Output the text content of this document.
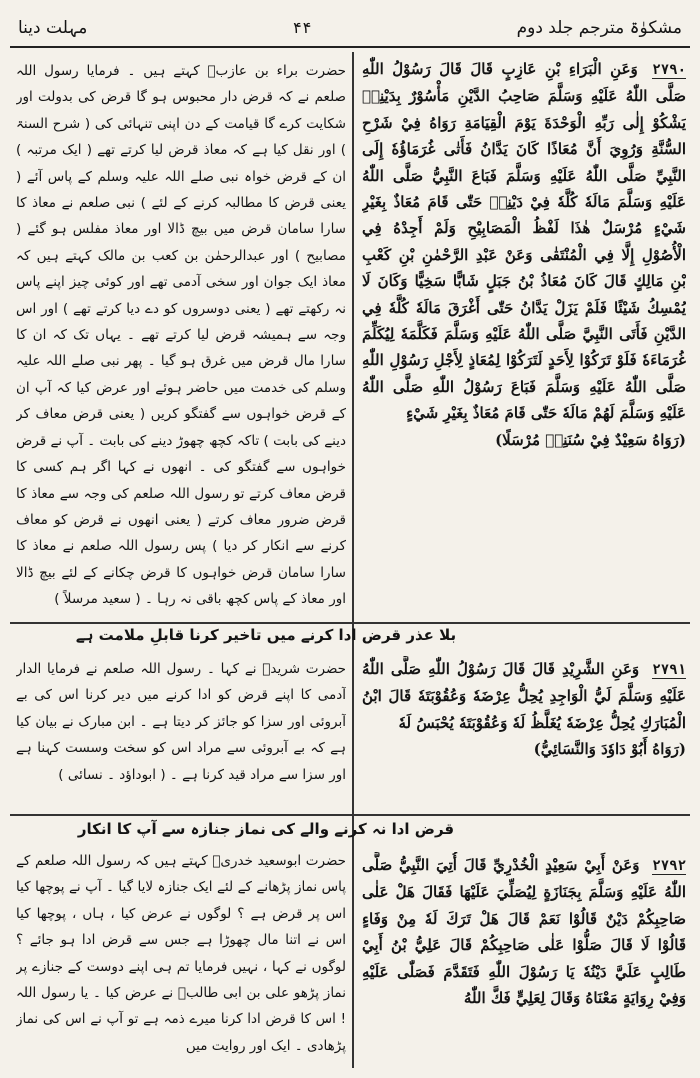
مشکوٰۃ مترجم جلد دوم
۴۴
مہلت دینا
۲۷۹۰ وَعَنِ الْبَرَاءِ بْنِ عَازِبٍ قَالَ قَالَ رَسُوْلُ اللّٰهِ صَلَّى اللّٰهُ عَلَيْهِ وَسَلَّمَ صَاحِبُ الدَّيْنِ مَأْسُوْرٌ بِدَيْنِهٖ يَشْكُوْ إِلٰى رَبِّهِ الْوَحْدَةَ يَوْمَ الْقِيَامَةِ رَوَاهُ فِيْ شَرْحِ السُّنَّةِ وَرُوِيَ أَنَّ مُعَاذًا كَانَ يَدَّانُ فَأَتٰى غُرَمَاؤُهٗ إِلَى النَّبِيِّ صَلَّى اللّٰهُ عَلَيْهِ وَسَلَّمَ فَبَاعَ النَّبِيُّ صَلَّى اللّٰهُ عَلَيْهِ وَسَلَّمَ مَالَهٗ كُلَّهٗ فِيْ دَيْنِهٖ حَتّٰى قَامَ مُعَاذٌ بِغَيْرِ شَيْءٍ مُرْسَلٌ هٰذَا لَفْظُ الْمَصَابِيْحِ وَلَمْ أَجِدْهُ فِي الْأُصُوْلِ إِلَّا فِي الْمُنْتَقٰى وَعَنْ عَبْدِ الرَّحْمٰنِ بْنِ كَعْبِ بْنِ مَالِكٍ قَالَ كَانَ مُعَاذُ بْنُ جَبَلٍ شَابًّا سَخِيًّا وَكَانَ لَا يُمْسِكُ شَيْئًا فَلَمْ يَزَلْ يَدَّانُ حَتّٰى أَغْرَقَ مَالَهٗ كُلَّهٗ فِي الدَّيْنِ فَأَتَى النَّبِيَّ صَلَّى اللّٰهُ عَلَيْهِ وَسَلَّمَ فَكَلَّمَهٗ لِيُكَلِّمَ غُرَمَاءَهٗ فَلَوْ تَرَكُوْا لِأَحَدٍ لَتَرَكُوْا لِمُعَاذٍ لِأَجْلِ رَسُوْلِ اللّٰهِ صَلَّى اللّٰهُ عَلَيْهِ وَسَلَّمَ فَبَاعَ رَسُوْلُ اللّٰهِ صَلَّى اللّٰهُ عَلَيْهِ وَسَلَّمَ لَهُمْ مَالَهٗ حَتّٰى قَامَ مُعَاذٌ بِغَيْرِ شَيْءٍ
(رَوَاهُ سَعِيْدٌ فِيْ سُنَنِهٖ مُرْسَلًا)
حضرت براء بن عازبؓ کہتے ہیں ۔ فرمایا رسول اللہ صلعم نے کہ قرض دار محبوس ہو گا قرض کی بدولت اور شکایت کرے گا قیامت کے دن اپنی تنہائی کی ( شرح السنۃ ) اور نقل کیا ہے کہ معاذ قرض لیا کرتے تھے ( ایک مرتبہ ) ان کے قرض خواہ نبی صلے اللہ علیہ وسلم کے پاس آئے ( یعنی قرض کا مطالبہ کرنے کے لئے ) نبی صلعم نے معاذ کا سارا سامان قرض میں بیچ ڈالا اور معاذ مفلس ہو گئے ( مصابیح ) اور عبدالرحمٰن بن کعب بن مالک کہتے ہیں کہ معاذ ایک جوان اور سخی آدمی تھے اور کوئی چیز اپنے پاس نہ رکھتے تھے ( یعنی دوسروں کو دے دیا کرتے تھے ) اور اس وجہ سے ہمیشہ قرض لیا کرتے تھے ۔ یہاں تک کہ ان کا سارا مال قرض میں غرق ہو گیا ۔ پھر نبی صلے اللہ علیہ وسلم کی خدمت میں حاضر ہوئے اور عرض کیا کہ آپ ان کے قرض خواہوں سے گفتگو کریں ( یعنی قرض معاف کر دینے کی بابت ) تاکہ کچھ چھوڑ دینے کی بابت ۔ آپ نے قرض خواہوں سے گفتگو کی ۔ انھوں نے کہا اگر ہم کسی کا قرض معاف کرتے تو رسول اللہ صلعم کی وجہ سے معاذ کا قرض ضرور معاف کرتے ( یعنی انھوں نے قرض کو معاف کرنے سے انکار کر دیا ) پس رسول اللہ صلعم نے معاذ کا سارا سامان قرض خواہوں کا قرض چکانے کے لئے بیچ ڈالا اور معاذ کے پاس کچھ باقی نہ رہا ۔ ( سعید مرسلاً )
بلا عذر قرض ادا کرنے میں تاخیر کرنا قابلِ ملامت ہے
۲۷۹۱ وَعَنِ الشَّرِيْدِ قَالَ قَالَ رَسُوْلُ اللّٰهِ صَلَّى اللّٰهُ عَلَيْهِ وَسَلَّمَ لَيُّ الْوَاجِدِ يُحِلُّ عِرْضَهٗ وَعُقُوْبَتَهٗ قَالَ ابْنُ الْمُبَارَكِ يُحِلُّ عِرْضَهٗ يُغَلَّظُ لَهٗ وَعُقُوْبَتَهٗ يُحْبَسُ لَهٗ
(رَوَاهُ أَبُوْ دَاوٗدَ وَالنَّسَائِيُّ)
حضرت شریدؓ نے کہا ۔ رسول اللہ صلعم نے فرمایا الدار آدمی کا اپنے قرض کو ادا کرنے میں دیر کرنا اس کی بے آبروئی اور سزا کو جائز کر دیتا ہے ۔ ابن مبارک نے بیان کیا ہے کہ بے آبروئی سے مراد اس کو سخت وسست کہنا ہے اور سزا سے مراد قید کرنا ہے ۔ ( ابوداؤد ۔ نسائی )
قرض ادا نہ کرنے والے کی نماز جنازہ سے آپ کا انکار
۲۷۹۲ وَعَنْ أَبِيْ سَعِيْدٍ الْخُدْرِيِّ قَالَ أُتِيَ النَّبِيُّ صَلَّى اللّٰهُ عَلَيْهِ وَسَلَّمَ بِجَنَازَةٍ لِيُصَلِّيَ عَلَيْهَا فَقَالَ هَلْ عَلٰى صَاحِبِكُمْ دَيْنٌ قَالُوْا نَعَمْ قَالَ هَلْ تَرَكَ لَهٗ مِنْ وَفَاءٍ قَالُوْا لَا قَالَ صَلُّوْا عَلٰى صَاحِبِكُمْ قَالَ عَلِيُّ بْنُ أَبِيْ طَالِبٍ عَلَيَّ دَيْنُهٗ يَا رَسُوْلَ اللّٰهِ فَتَقَدَّمَ فَصَلّٰى عَلَيْهِ وَفِيْ رِوَايَةٍ مَعْنَاهُ وَقَالَ لِعَلِيٍّ فَكَّ اللّٰهُ
حضرت ابوسعید خدریؓ کہتے ہیں کہ رسول اللہ صلعم کے پاس نماز پڑھانے کے لئے ایک جنازہ لایا گیا ۔ آپ نے پوچھا کیا اس پر قرض ہے ؟ لوگوں نے عرض کیا ، ہاں ، پوچھا کیا اس نے اتنا مال چھوڑا ہے جس سے قرض ادا ہو جائے ؟ لوگوں نے کہا ، نہیں فرمایا تم ہی اپنے دوست کے جنازے پر نماز پڑھو علی بن ابی طالبؓ نے عرض کیا ۔ یا رسول اللہ ! اس کا قرض ادا کرنا میرے ذمہ ہے تو آپ نے اس کی نماز پڑھادی ۔ ایک اور روایت میں
